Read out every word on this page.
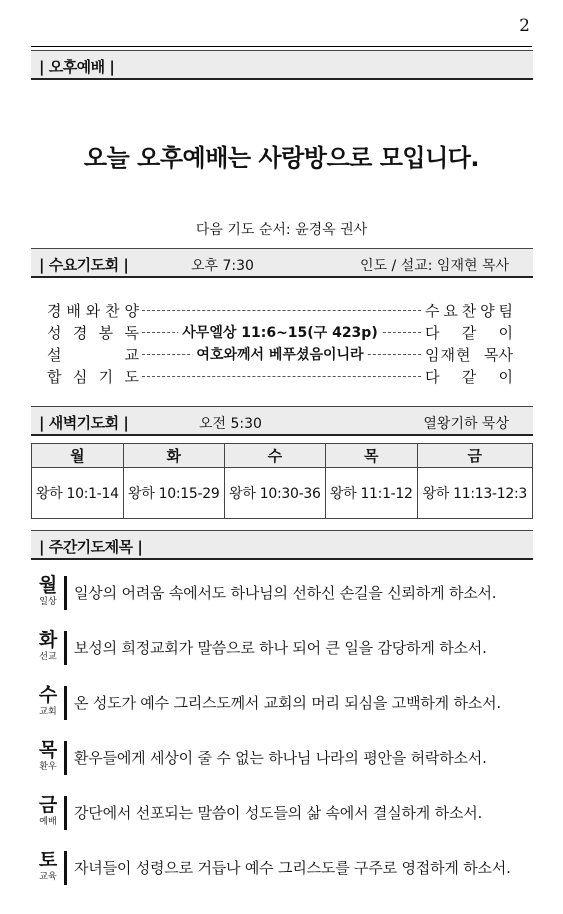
2
| 오후예배 |
오늘 오후예배는 사랑방으로 모입니다.
다음 기도 순서: 윤경옥 권사
| 수요기도회 |	오후 7:30	인도 / 설교: 임재현 목사
경 배 와 찬 양	수 요 찬 양 팀
성 경 봉 독	사무엘상 11:6~15(구 423p)	다 같 이
설	교	여호와께서 베푸셨음이니라	임재현 목사
합 심 기 도	다 같 이
| 새벽기도회 |	오전 5:30	열왕기하 묵상
월	화	수	목	금
왕하 10:1-14	왕하 10:15-29	왕하 10:30-36	왕하 11:1-12	왕하 11:13-12:3
| 주간기도제목 |
월
일상	일상의 어려움 속에서도 하나님의 선하신 손길을 신뢰하게 하소서.
화
선교	보성의 희정교회가 말씀으로 하나 되어 큰 일을 감당하게 하소서.
수
교회	온 성도가 예수 그리스도께서 교회의 머리 되심을 고백하게 하소서.
목
환우	환우들에게 세상이 줄 수 없는 하나님 나라의 평안을 허락하소서.
금
예배	강단에서 선포되는 말씀이 성도들의 삶 속에서 결실하게 하소서.
토
교육	자녀들이 성령으로 거듭나 예수 그리스도를 구주로 영접하게 하소서.
